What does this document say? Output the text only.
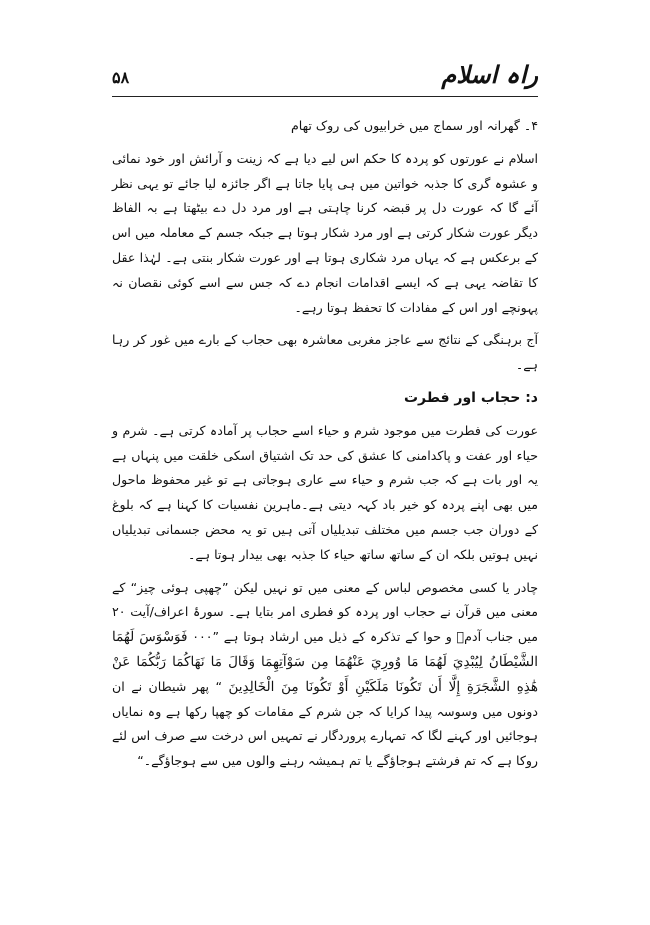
راہ اسلام
۵۸

۴۔ گھرانہ اور سماج میں خرابیوں کی روک تھام

اسلام نے عورتوں کو پردہ کا حکم اس لیے دیا ہے کہ زینت و آرائش اور خود نمائی و عشوہ گری کا جذبہ خواتین میں ہی پایا جاتا ہے اگر جائزہ لیا جائے تو یہی نظر آئے گا کہ عورت دل پر قبضہ کرنا چاہتی ہے اور مرد دل دے بیٹھتا ہے بہ الفاظ دیگر عورت شکار کرتی ہے اور مرد شکار ہوتا ہے جبکہ جسم کے معاملہ میں اس کے برعکس ہے کہ یہاں مرد شکاری ہوتا ہے اور عورت شکار بنتی ہے۔ لہٰذا عقل کا تقاضہ یہی ہے کہ ایسے اقدامات انجام دے کہ جس سے اسے کوئی نقصان نہ پہونچے اور اس کے مفادات کا تحفظ ہوتا رہے۔

آج برہنگی کے نتائج سے عاجز مغربی معاشرہ بھی حجاب کے بارے میں غور کر رہا ہے۔

د: حجاب اور فطرت

عورت کی فطرت میں موجود شرم و حیاء اسے حجاب پر آمادہ کرتی ہے۔ شرم و حیاء اور عفت و پاکدامنی کا عشق کی حد تک اشتیاق اسکی خلقت میں پنہاں ہے یہ اور بات ہے کہ جب شرم و حیاء سے عاری ہوجاتی ہے تو غیر محفوظ ماحول میں بھی اپنے پردہ کو خیر باد کہہ دیتی ہے۔ماہرین نفسیات کا کہنا ہے کہ بلوغ کے دوران جب جسم میں مختلف تبدیلیاں آتی ہیں تو یہ محض جسمانی تبدیلیاں نہیں ہوتیں بلکہ ان کے ساتھ ساتھ حیاء کا جذبہ بھی بیدار ہوتا ہے۔

چادر یا کسی مخصوص لباس کے معنی میں تو نہیں لیکن ”چھپی ہوئی چیز“ کے معنی میں قرآن نے حجاب اور پردہ کو فطری امر بتایا ہے۔ سورۂ اعراف/آیت ۲۰ میں جناب آدمؑ و حوا کے تذکرہ کے ذیل میں ارشاد ہوتا ہے ”۰۰۰ فَوَسْوَسَ لَهُمَا الشَّيْطَانُ لِيُبْدِيَ لَهُمَا مَا وُورِيَ عَنْهُمَا مِن سَوْآتِهِمَا وَقَالَ مَا نَهَاكُمَا رَبُّكُمَا عَنْ هَٰذِهِ الشَّجَرَةِ إِلَّا أَن تَكُونَا مَلَكَيْنِ أَوْ تَكُونَا مِنَ الْخَالِدِينَ “ پھر شیطان نے ان دونوں میں وسوسہ پیدا کرایا کہ جن شرم کے مقامات کو چھپا رکھا ہے وہ نمایاں ہوجائیں اور کہنے لگا کہ تمہارے پروردگار نے تمہیں اس درخت سے صرف اس لئے روکا ہے کہ تم فرشتے ہوجاؤگے یا تم ہمیشہ رہنے والوں میں سے ہوجاؤگے۔“
